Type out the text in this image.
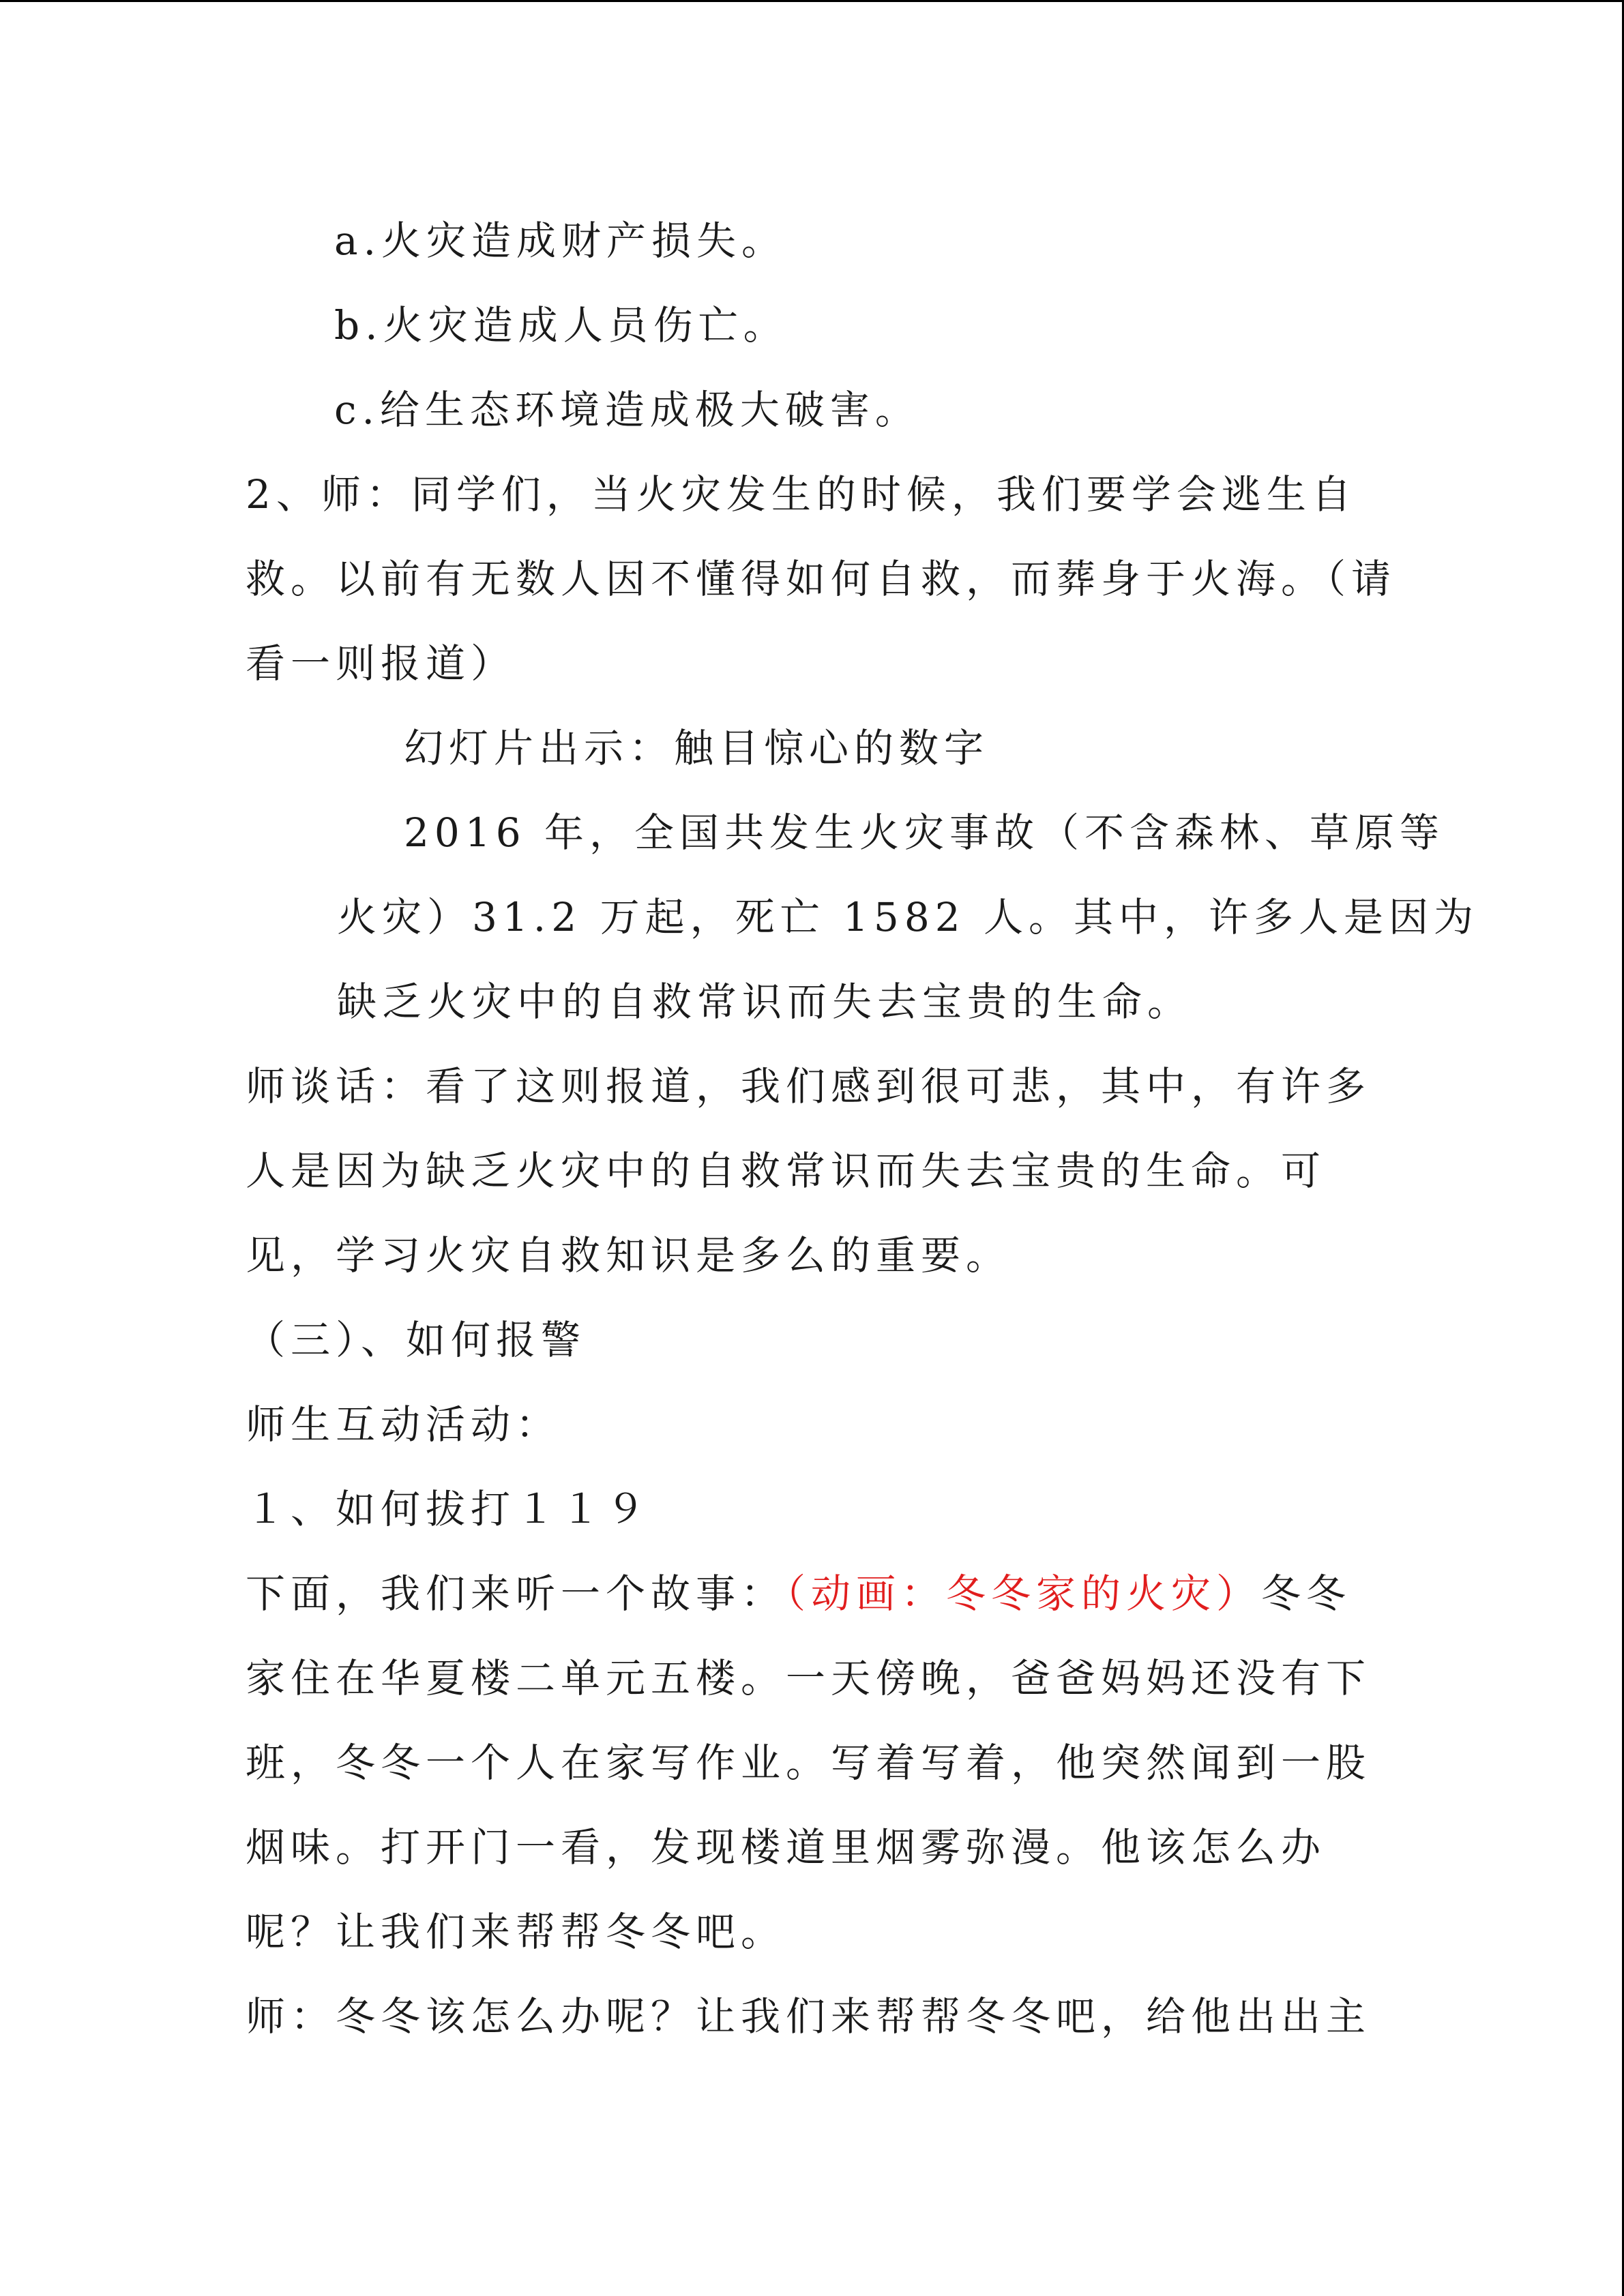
a.火灾造成财产损失。
b.火灾造成人员伤亡。
c.给生态环境造成极大破害。
2、师：同学们，当火灾发生的时候，我们要学会逃生自
救。以前有无数人因不懂得如何自救，而葬身于火海。（请
看一则报道）
幻灯片出示：触目惊心的数字
2016 年，全国共发生火灾事故（不含森林、草原等
火灾）31.2 万起，死亡 1582 人。其中，许多人是因为
缺乏火灾中的自救常识而失去宝贵的生命。
师谈话：看了这则报道，我们感到很可悲，其中，有许多
人是因为缺乏火灾中的自救常识而失去宝贵的生命。可
见，学习火灾自救知识是多么的重要。
（三）、如何报警
师生互动活动：
１、如何拔打１１９
下面，我们来听一个故事：（动画：冬冬家的火灾）冬冬
家住在华夏楼二单元五楼。一天傍晚，爸爸妈妈还没有下
班，冬冬一个人在家写作业。写着写着，他突然闻到一股
烟味。打开门一看，发现楼道里烟雾弥漫。他该怎么办
呢？让我们来帮帮冬冬吧。
师：冬冬该怎么办呢？让我们来帮帮冬冬吧，给他出出主
